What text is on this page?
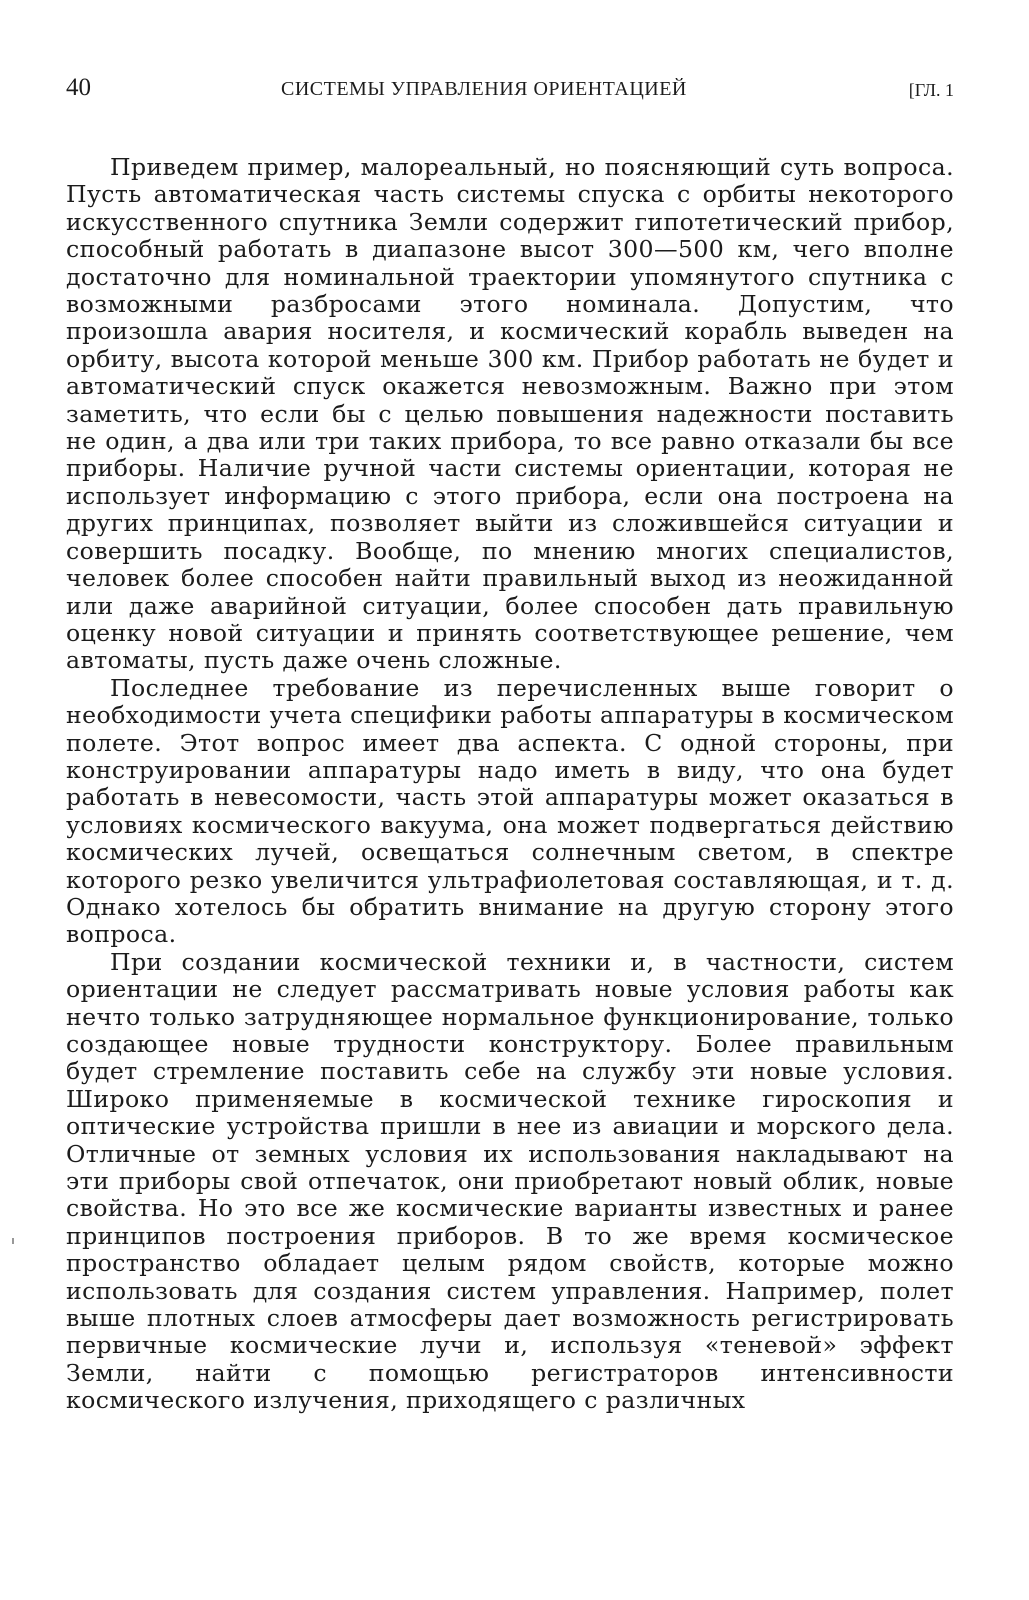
40	СИСТЕМЫ УПРАВЛЕНИЯ ОРИЕНТАЦИЕЙ	[ГЛ. 1

Приведем пример, малореальный, но поясняющий суть вопроса. Пусть автоматическая часть системы спуска с орбиты некоторого искусственного спутника Земли содержит гипотетический прибор, способный работать в диапазоне высот 300—500 км, чего вполне достаточно для номинальной траектории упомянутого спутника с возможными разбросами этого номинала. Допустим, что произошла авария носителя, и космический корабль выведен на орбиту, высота которой меньше 300 км. Прибор работать не будет и автоматический спуск окажется невозможным. Важно при этом заметить, что если бы с целью повышения надежности поставить не один, а два или три таких прибора, то все равно отказали бы все приборы. Наличие ручной части системы ориентации, которая не использует информацию с этого прибора, если она построена на других принципах, позволяет выйти из сложившейся ситуации и совершить посадку. Вообще, по мнению многих специалистов, человек более способен найти правильный выход из неожиданной или даже аварийной ситуации, более способен дать правильную оценку новой ситуации и принять соответствующее решение, чем автоматы, пусть даже очень сложные.

Последнее требование из перечисленных выше говорит о необходимости учета специфики работы аппаратуры в космическом полете. Этот вопрос имеет два аспекта. С одной стороны, при конструировании аппаратуры надо иметь в виду, что она будет работать в невесомости, часть этой аппаратуры может оказаться в условиях космического вакуума, она может подвергаться действию космических лучей, освещаться солнечным светом, в спектре которого резко увеличится ультрафиолетовая составляющая, и т. д. Однако хотелось бы обратить внимание на другую сторону этого вопроса.

При создании космической техники и, в частности, систем ориентации не следует рассматривать новые условия работы как нечто только затрудняющее нормальное функционирование, только создающее новые трудности конструктору. Более правильным будет стремление поставить себе на службу эти новые условия. Широко применяемые в космической технике гироскопия и оптические устройства пришли в нее из авиации и морского дела. Отличные от земных условия их использования накладывают на эти приборы свой отпечаток, они приобретают новый облик, новые свойства. Но это все же космические варианты известных и ранее принципов построения приборов. В то же время космическое пространство обладает целым рядом свойств, которые можно использовать для создания систем управления. Например, полет выше плотных слоев атмосферы дает возможность регистрировать первичные космические лучи и, используя «теневой» эффект Земли, найти с помощью регистраторов интенсивности космического излучения, приходящего с различных
